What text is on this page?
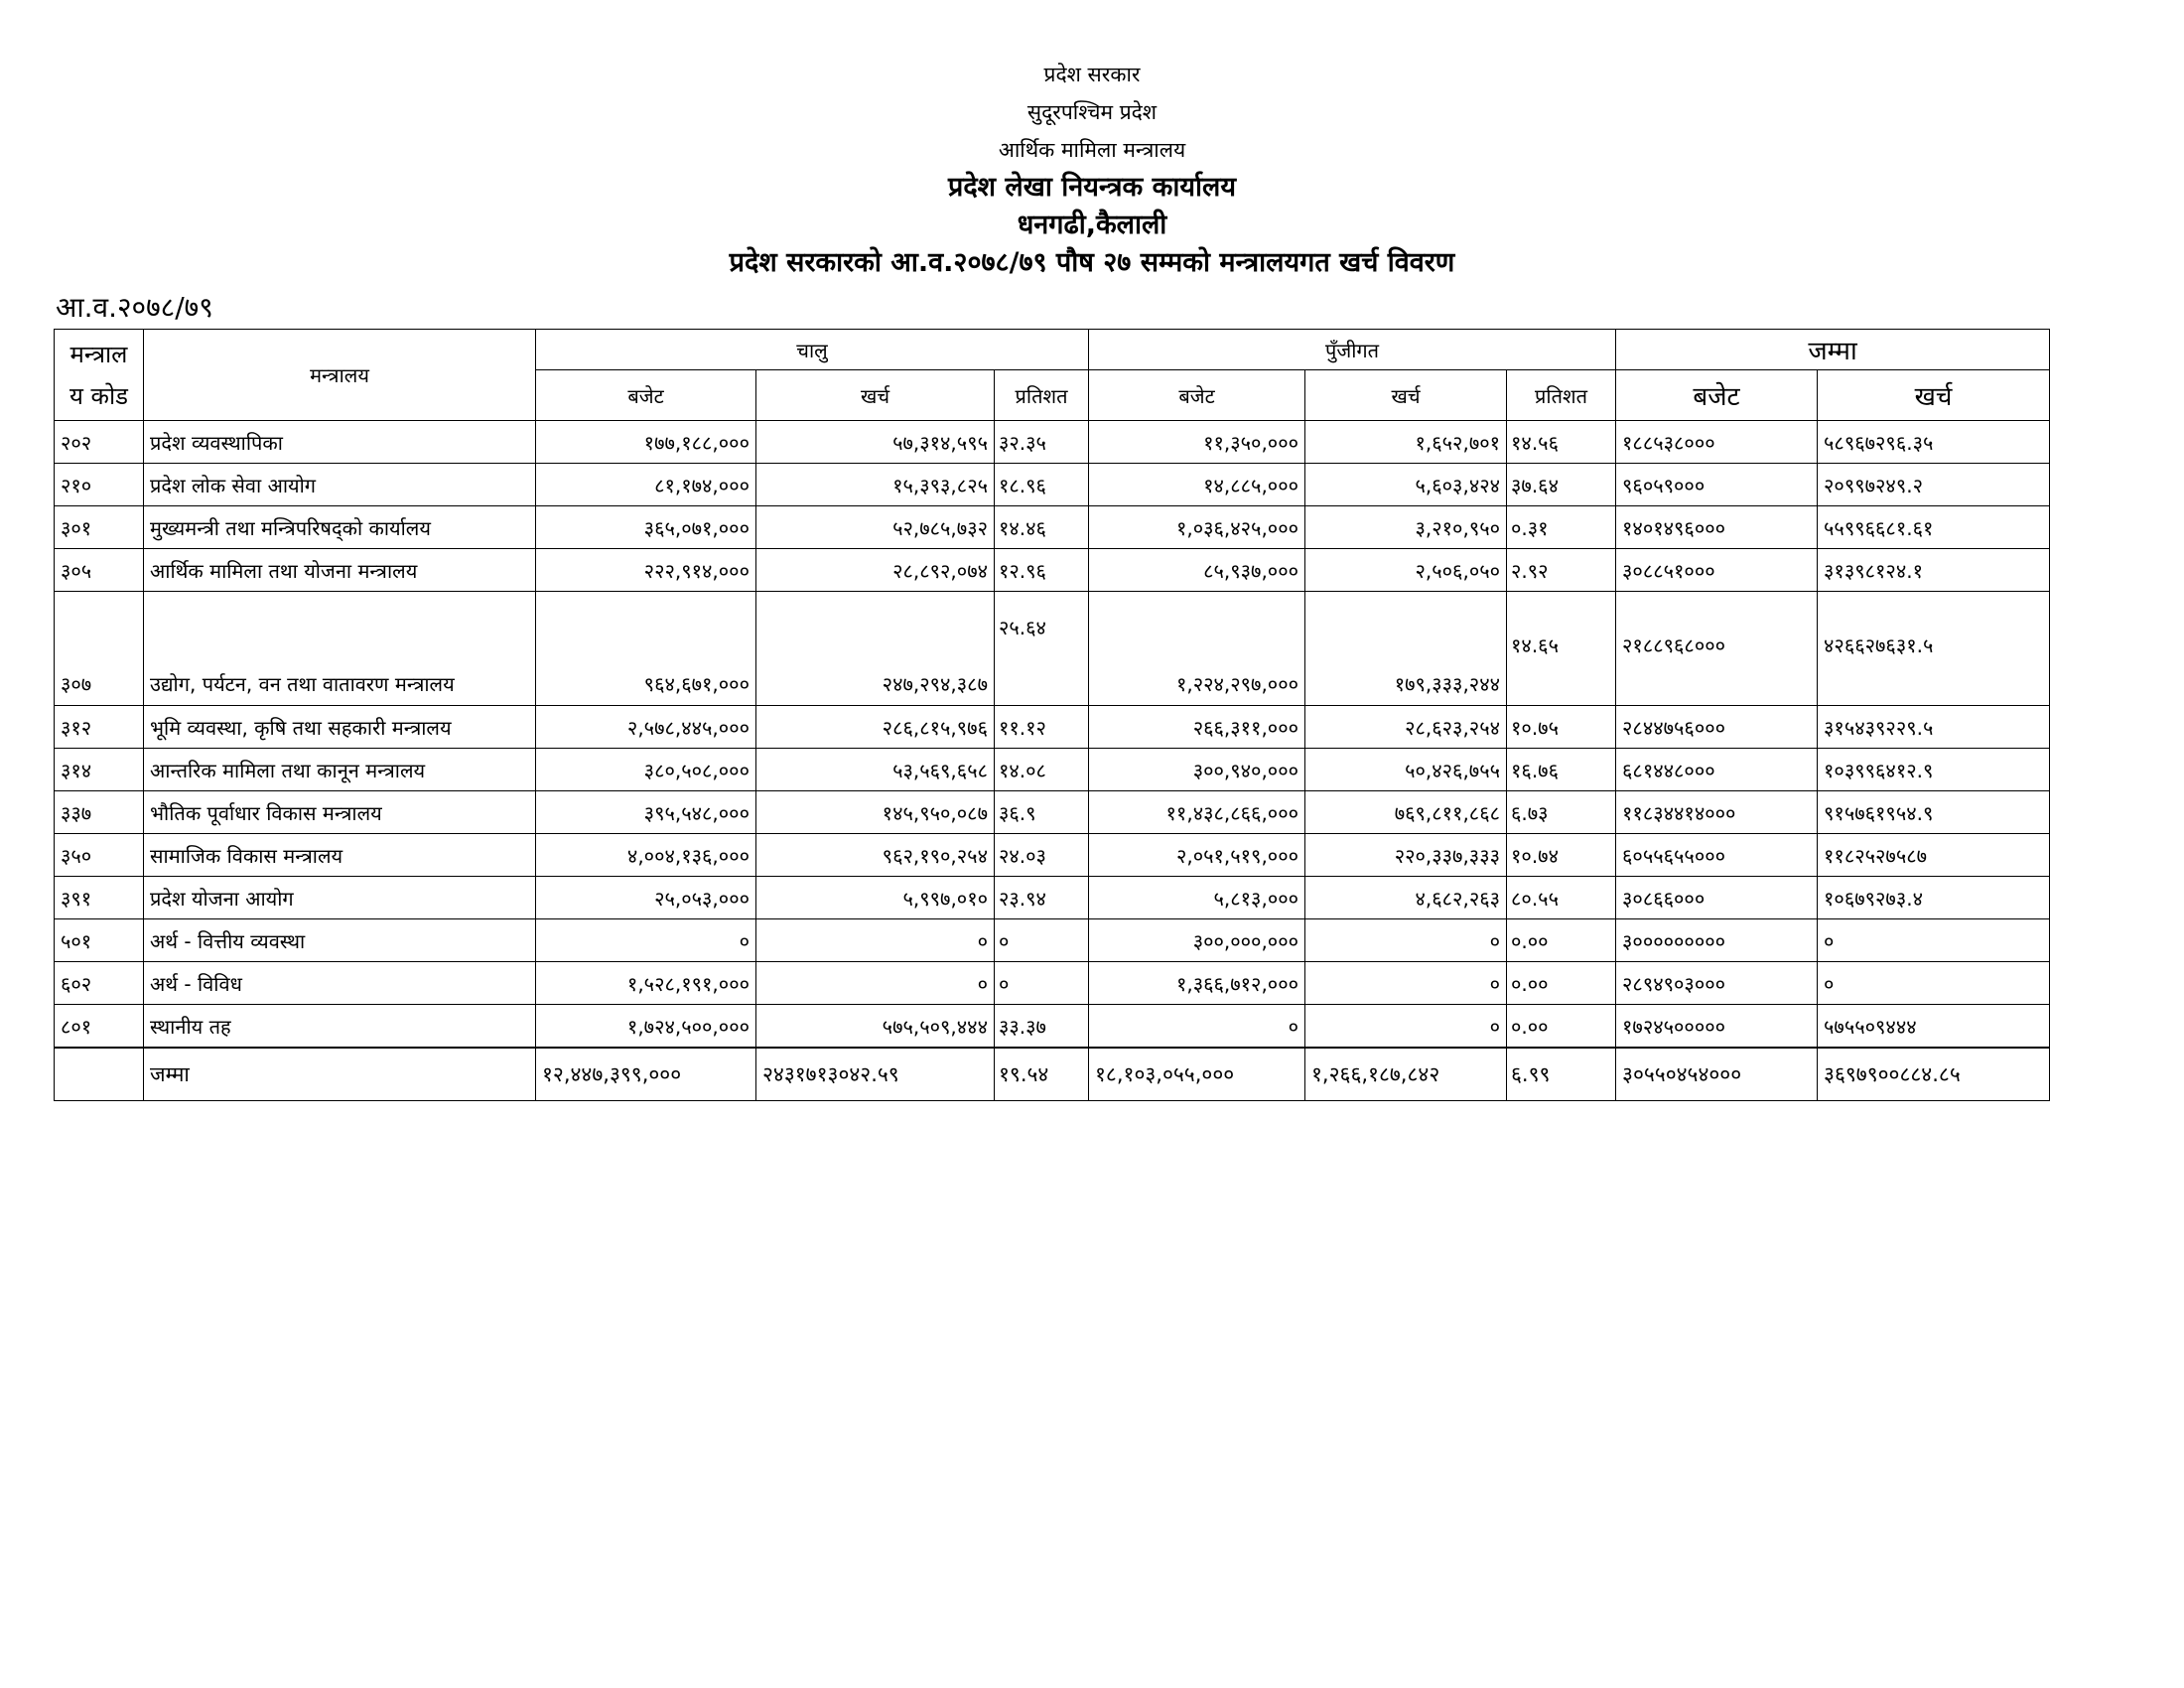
प्रदेश सरकार
सुदूरपश्चिम प्रदेश
आर्थिक मामिला मन्त्रालय
प्रदेश लेखा नियन्त्रक कार्यालय
धनगढी,कैलाली
प्रदेश सरकारको आ.व.२०७८/७९ पौष २७ सम्मको मन्त्रालयगत खर्च विवरण
आ.व.२०७८/७९
मन्त्राल
य कोड	मन्त्रालय	चालु			पुँजीगत			जम्मा	
		बजेट	खर्च	प्रतिशत	बजेट	खर्च	प्रतिशत	बजेट	खर्च
२०२	प्रदेश व्यवस्थापिका	१७७,१८८,०००	५७,३१४,५९५	३२.३५	११,३५०,०००	१,६५२,७०१	१४.५६	१८८५३८०००	५८९६७२९६.३५
२१०	प्रदेश लोक सेवा आयोग	८१,१७४,०००	१५,३९३,८२५	१८.९६	१४,८८५,०००	५,६०३,४२४	३७.६४	९६०५९०००	२०९९७२४९.२
३०१	मुख्यमन्त्री तथा मन्त्रिपरिषद्को कार्यालय	३६५,०७१,०००	५२,७८५,७३२	१४.४६	१,०३६,४२५,०००	३,२१०,९५०	०.३१	१४०१४९६०००	५५९९६६८१.६१
३०५	आर्थिक मामिला तथा योजना मन्त्रालय	२२२,९१४,०००	२८,८९२,०७४	१२.९६	८५,९३७,०००	२,५०६,०५०	२.९२	३०८८५१०००	३१३९८१२४.१
३०७	उद्योग, पर्यटन, वन तथा वातावरण मन्त्रालय	९६४,६७१,०००	२४७,२९४,३८७	२५.६४	१,२२४,२९७,०००	१७९,३३३,२४४	१४.६५	२१८८९६८०००	४२६६२७६३१.५
३१२	भूमि व्यवस्था, कृषि तथा सहकारी मन्त्रालय	२,५७८,४४५,०००	२८६,८१५,९७६	११.१२	२६६,३११,०००	२८,६२३,२५४	१०.७५	२८४४७५६०००	३१५४३९२२९.५
३१४	आन्तरिक मामिला तथा कानून मन्त्रालय	३८०,५०८,०००	५३,५६९,६५८	१४.०८	३००,९४०,०००	५०,४२६,७५५	१६.७६	६८१४४८०००	१०३९९६४१२.९
३३७	भौतिक पूर्वाधार विकास मन्त्रालय	३९५,५४८,०००	१४५,९५०,०८७	३६.९	११,४३८,८६६,०००	७६९,८११,८६८	६.७३	११८३४४१४०००	९१५७६१९५४.९
३५०	सामाजिक विकास मन्त्रालय	४,००४,१३६,०००	९६२,१९०,२५४	२४.०३	२,०५१,५१९,०००	२२०,३३७,३३३	१०.७४	६०५५६५५०००	११८२५२७५८७
३९१	प्रदेश योजना आयोग	२५,०५३,०००	५,९९७,०१०	२३.९४	५,८१३,०००	४,६८२,२६३	८०.५५	३०८६६०००	१०६७९२७३.४
५०१	अर्थ - वित्तीय व्यवस्था	०	०	०	३००,०००,०००	०	०.००	३०००००००००	०
६०२	अर्थ - विविध	१,५२८,१९१,०००	०	०	१,३६६,७१२,०००	०	०.००	२८९४९०३०००	०
८०१	स्थानीय तह	१,७२४,५००,०००	५७५,५०९,४४४	३३.३७	०	०	०.००	१७२४५०००००	५७५५०९४४४
	जम्मा	१२,४४७,३९९,०००	२४३१७१३०४२.५९	१९.५४	१८,१०३,०५५,०००	१,२६६,१८७,८४२	६.९९	३०५५०४५४०००	३६९७९००८८४.८५
